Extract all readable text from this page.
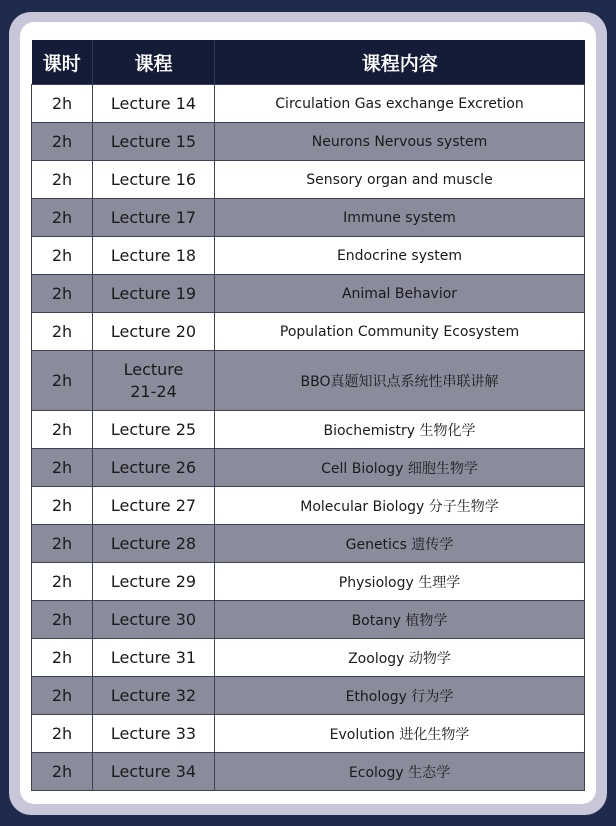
课时	课程	课程内容
2h	Lecture 14	Circulation Gas exchange Excretion
2h	Lecture 15	Neurons Nervous system
2h	Lecture 16	Sensory organ and muscle
2h	Lecture 17	Immune system
2h	Lecture 18	Endocrine system
2h	Lecture 19	Animal Behavior
2h	Lecture 20	Population Community Ecosystem
2h	Lecture 21-24	BBO真题知识点系统性串联讲解
2h	Lecture 25	Biochemistry 生物化学
2h	Lecture 26	Cell Biology 细胞生物学
2h	Lecture 27	Molecular Biology 分子生物学
2h	Lecture 28	Genetics 遗传学
2h	Lecture 29	Physiology 生理学
2h	Lecture 30	Botany 植物学
2h	Lecture 31	Zoology 动物学
2h	Lecture 32	Ethology 行为学
2h	Lecture 33	Evolution 进化生物学
2h	Lecture 34	Ecology 生态学
